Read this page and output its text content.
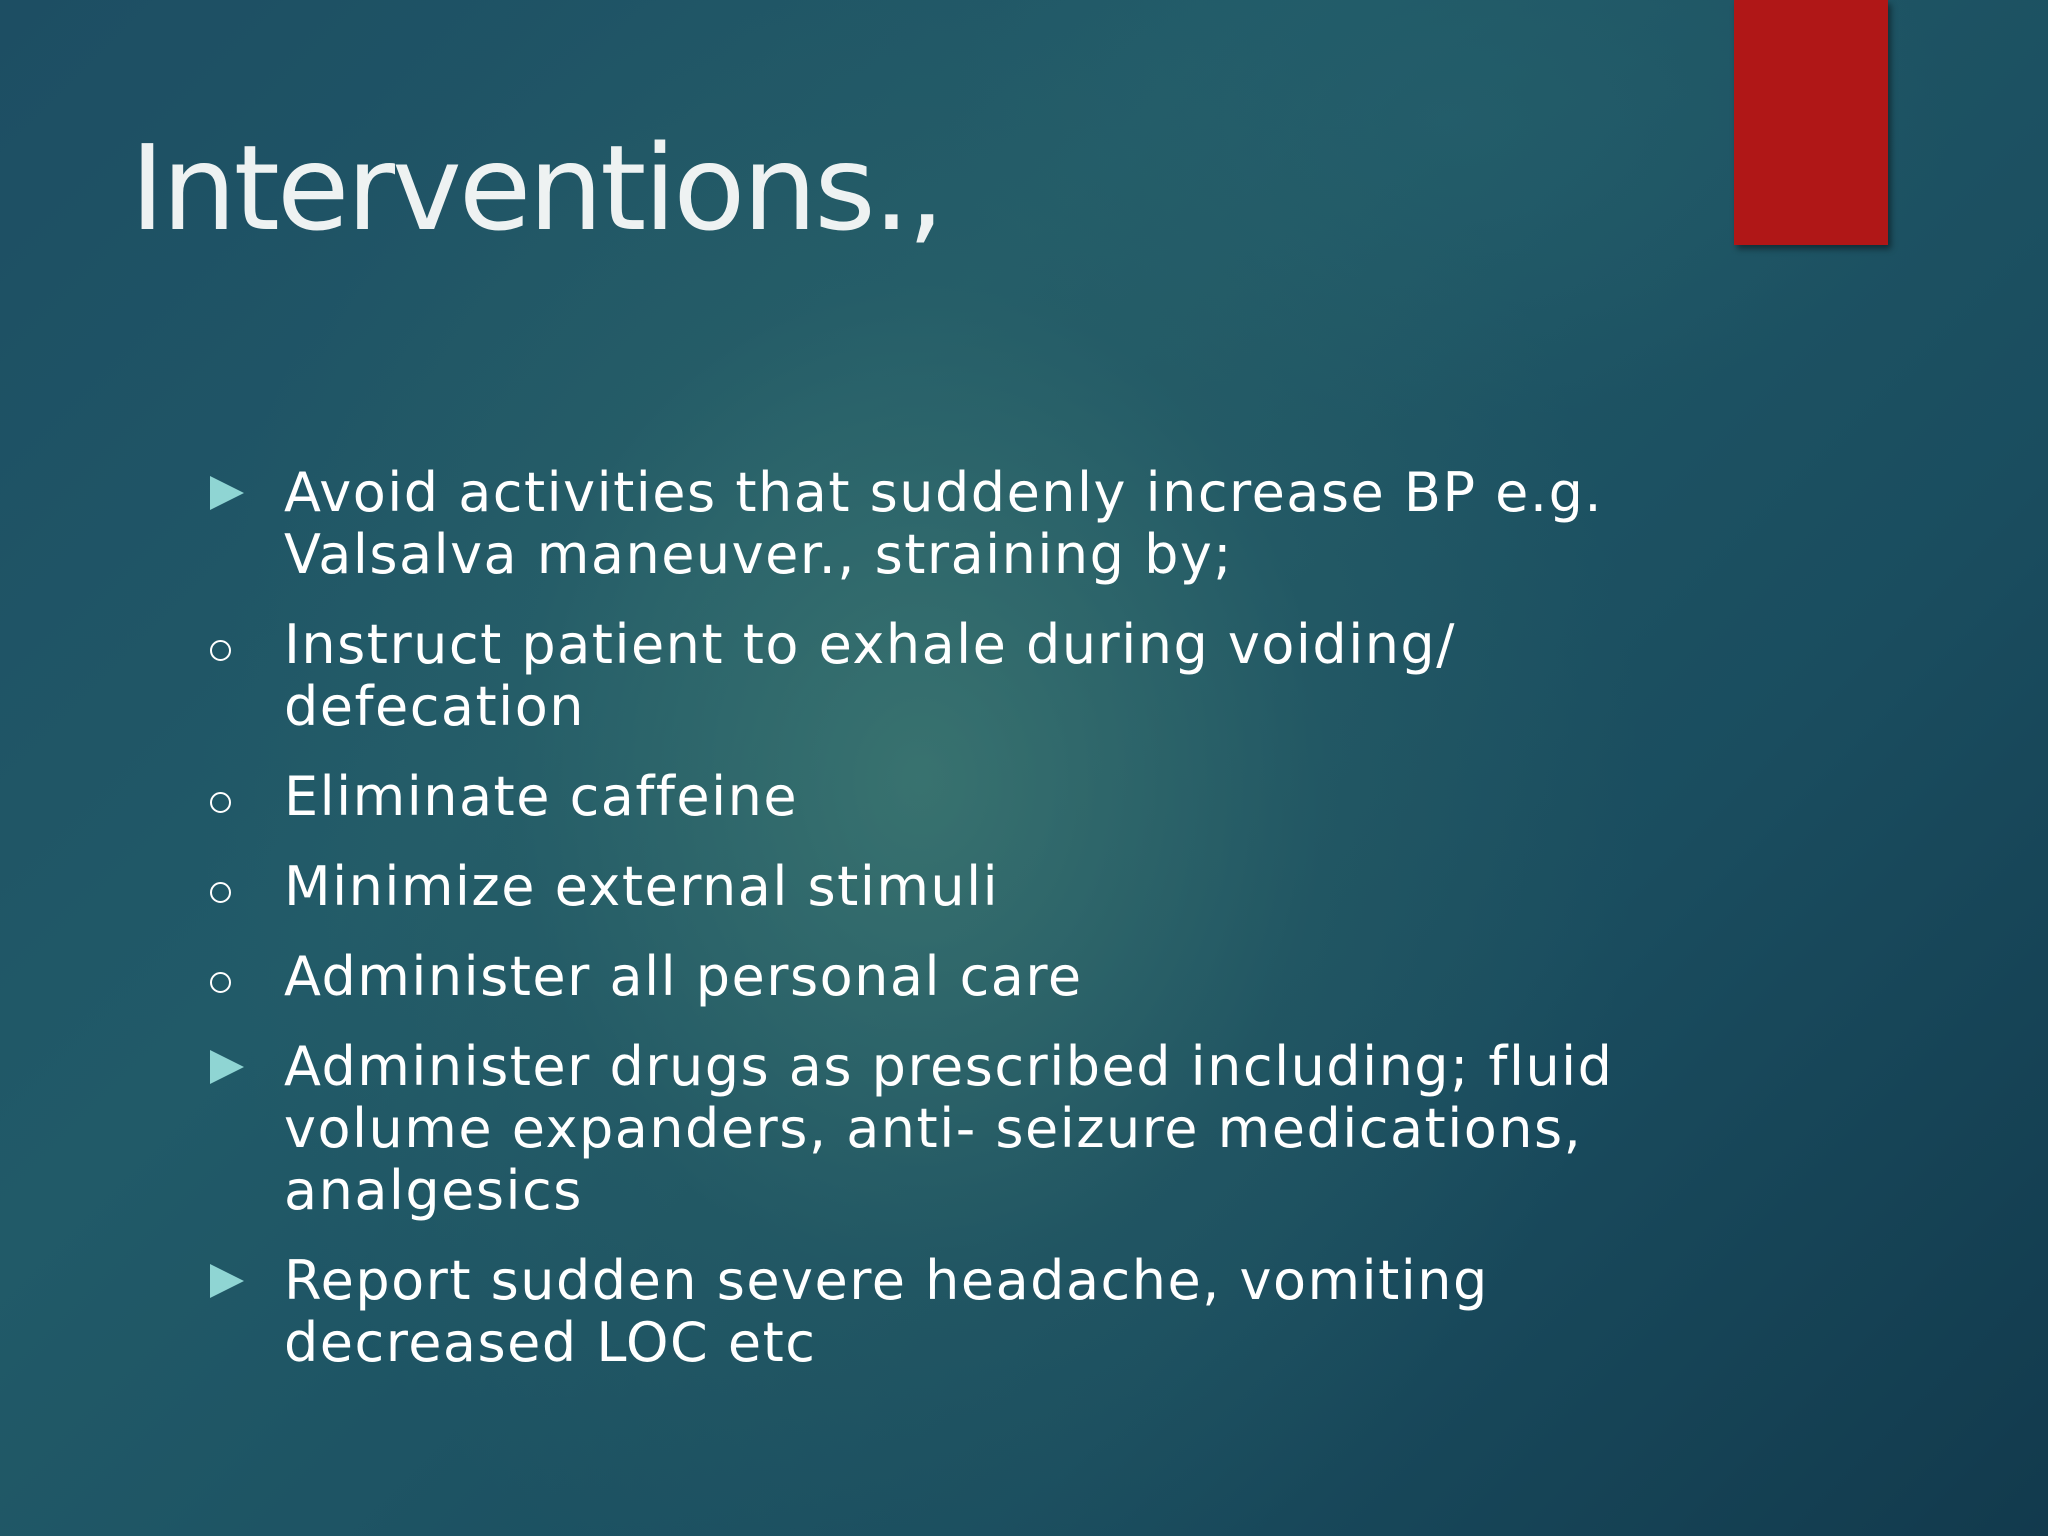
Interventions.,
Avoid activities that suddenly increase BP e.g.
Valsalva maneuver., straining by;
Instruct patient to exhale during voiding/
defecation
Eliminate caffeine
Minimize external stimuli
Administer all personal care
Administer drugs as prescribed including; fluid
volume expanders, anti- seizure medications,
analgesics
Report sudden severe headache, vomiting
decreased LOC etc
